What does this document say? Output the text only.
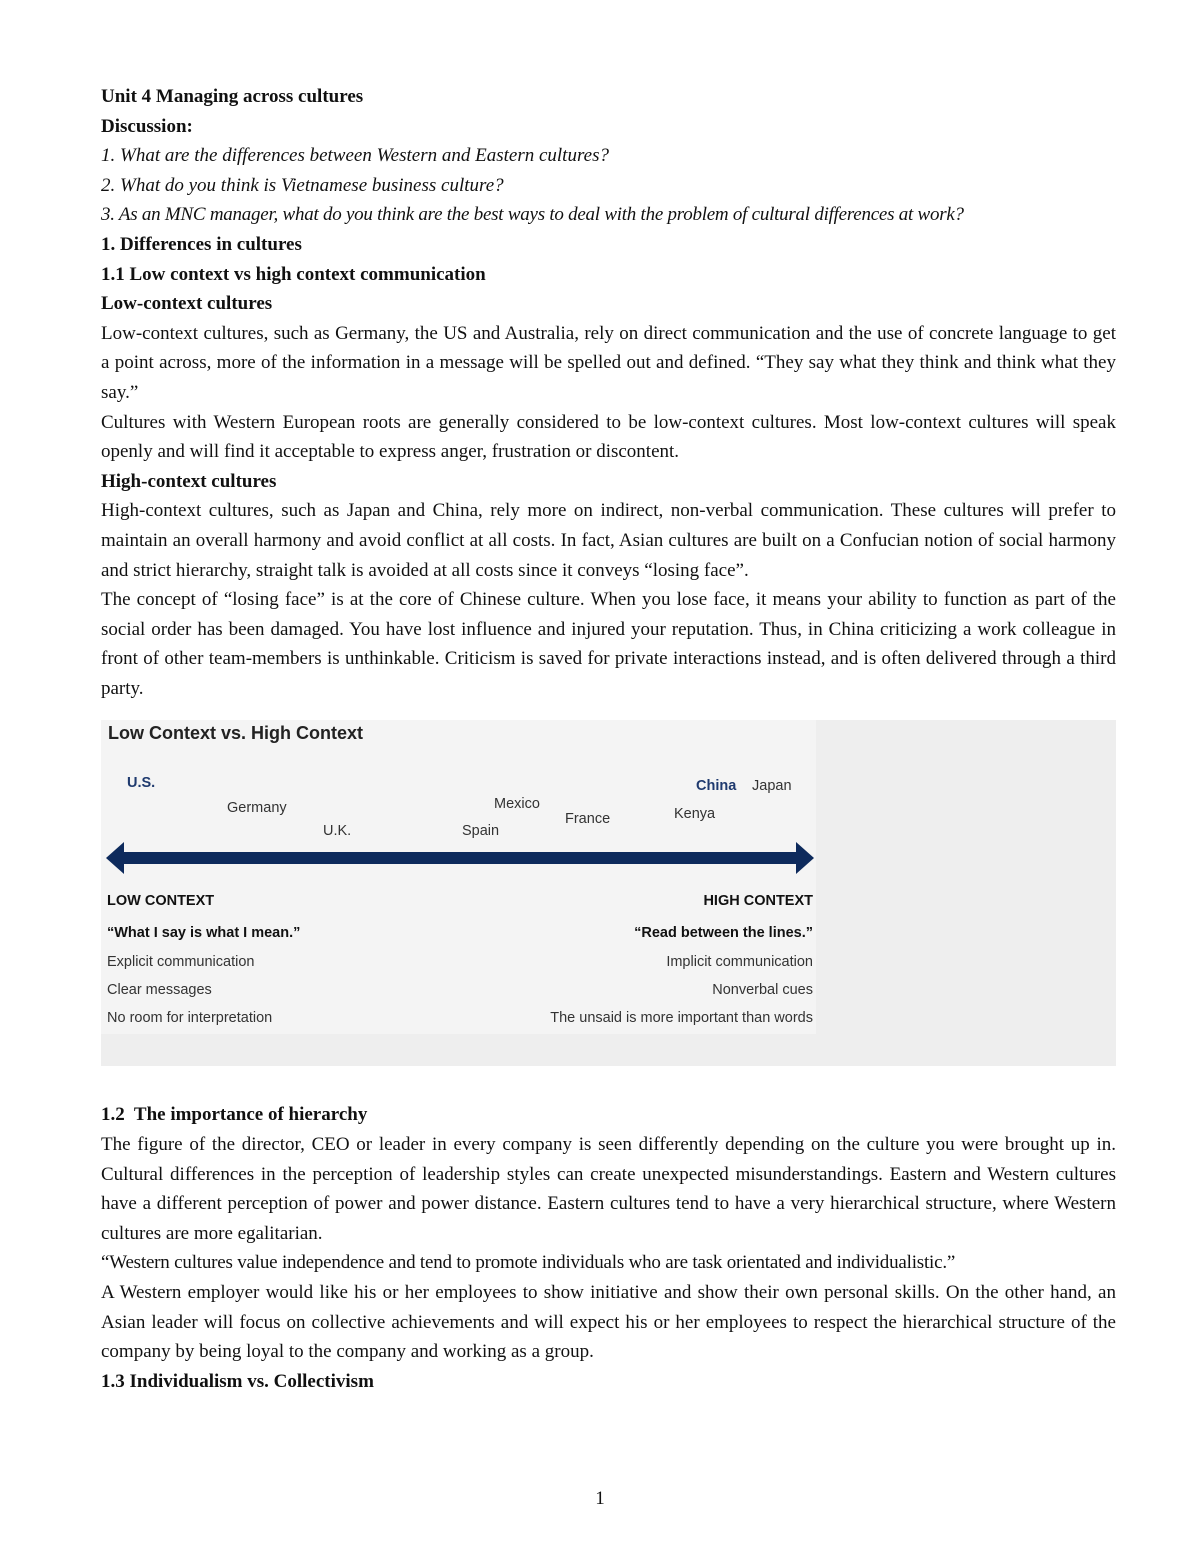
Unit 4 Managing across cultures

Discussion:

1. What are the differences between Western and Eastern cultures?

2. What do you think is Vietnamese business culture?

3. As an MNC manager, what do you think are the best ways to deal with the problem of cultural differences at work?

1. Differences in cultures

1.1 Low context vs high context communication

Low-context cultures

Low-context cultures, such as Germany, the US and Australia, rely on direct communication and the use of concrete language to get a point across, more of the information in a message will be spelled out and defined. “They say what they think and think what they say.”

Cultures with Western European roots are generally considered to be low-context cultures. Most low-context cultures will speak openly and will find it acceptable to express anger, frustration or discontent.

High-context cultures

High-context cultures, such as Japan and China, rely more on indirect, non-verbal communication. These cultures will prefer to maintain an overall harmony and avoid conflict at all costs. In fact, Asian cultures are built on a Confucian notion of social harmony and strict hierarchy, straight talk is avoided at all costs since it conveys “losing face”.

The concept of “losing face” is at the core of Chinese culture. When you lose face, it means your ability to function as part of the social order has been damaged. You have lost influence and injured your reputation. Thus, in China criticizing a work colleague in front of other team-members is unthinkable. Criticism is saved for private interactions instead, and is often delivered through a third party.

Low Context vs. High Context
U.S.
Germany
U.K.
Mexico
Spain
France	Kenya
China Japan
LOW CONTEXT	HIGH CONTEXT
“What I say is what I mean.”	“Read between the lines.”
Explicit communication
Clear messages
No room for interpretation
Implicit communication
Nonverbal cues
The unsaid is more important than words

1.2  The importance of hierarchy

The figure of the director, CEO or leader in every company is seen differently depending on the culture you were brought up in. Cultural differences in the perception of leadership styles can create unexpected misunderstandings. Eastern and Western cultures have a different perception of power and power distance. Eastern cultures tend to have a very hierarchical structure, where Western cultures are more egalitarian.

“Western cultures value independence and tend to promote individuals who are task orientated and individualistic.”

A Western employer would like his or her employees to show initiative and show their own personal skills. On the other hand, an Asian leader will focus on collective achievements and will expect his or her employees to respect the hierarchical structure of the company by being loyal to the company and working as a group.

1.3 Individualism vs. Collectivism

1
